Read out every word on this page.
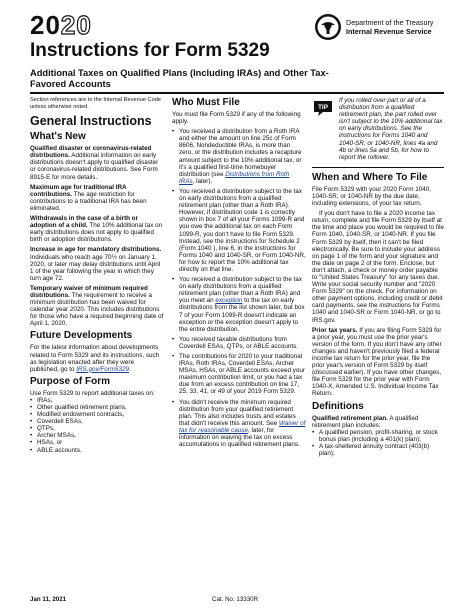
2020	Department of the Treasury
Internal Revenue Service
Instructions for Form 5329
Additional Taxes on Qualified Plans (Including IRAs) and Other Tax-Favored Accounts

Section references are to the Internal Revenue Code unless otherwise noted.

General Instructions
What's New

Qualified disaster or coronavirus-related distributions. Additional information on early distributions doesn't apply to qualified disaster or coronavirus-related distributions. See Form 8915-E for more details.

Maximum age for traditional IRA contributions. The age restriction for contributions to a traditional IRA has been eliminated.

Withdrawals in the case of a birth or adoption of a child. The 10% additional tax on early distributions does not apply to qualified birth or adoption distributions.

Increase in age for mandatory distributions. Individuals who reach age 70½ on January 1, 2020, or later may delay distributions until April 1 of the year following the year in which they turn age 72.

Temporary waiver of minimum required distributions. The requirement to receive a minimum distribution has been waived for calendar year 2020. This includes distributions for those who have a required beginning date of April 1, 2020.

Future Developments

For the latest information about developments related to Form 5329 and its instructions, such as legislation enacted after they were published, go to IRS.gov/Form5329.

Purpose of Form

Use Form 5329 to report additional taxes on:

• IRAs,
• Other qualified retirement plans,
• Modified endowment contracts,
• Coverdell ESAs,
• QTPs,
• Archer MSAs,
• HSAs, or
• ABLE accounts.
Who Must File

You must file Form 5329 if any of the following apply.

• You received a distribution from a Roth IRA and either the amount on line 25c of Form 8606, Nondeductible IRAs, is more than zero, or the distribution includes a recapture amount subject to the 10% additional tax, or it's a qualified first-time homebuyer distribution (see Distributions from Roth IRAs, later).

• You received a distribution subject to the tax on early distributions from a qualified retirement plan (other than a Roth IRA). However, if distribution code 1 is correctly shown in box 7 of all your Forms 1099-R and you owe the additional tax on each Form 1099-R, you don't have to file Form 5329. Instead, see the instructions for Schedule 2 (Form 1040 ), line 6, in the instructions for Forms 1040 and 1040-SR, or Form 1040-NR, for how to report the 10% additional tax directly on that line.

• You received a distribution subject to the tax on early distributions from a qualified retirement plan (other than a Roth IRA) and you meet an exception to the tax on early distributions from the list shown later, but box 7 of your Form 1099-R doesn't indicate an exception or the exception doesn't apply to the entire distribution.

• You received taxable distributions from Coverdell ESAs, QTPs, or ABLE accounts.

• The contributions for 2020 to your traditional IRAs, Roth IRAs, Coverdell ESAs, Archer MSAs, HSAs, or ABLE accounts exceed your maximum contribution limit, or you had a tax due from an excess contribution on line 17, 25, 33, 41, or 49 of your 2019 Form 5329.

• You didn't receive the minimum required distribution from your qualified retirement plan. This also includes trusts and estates that didn't receive this amount. See Waiver of tax for reasonable cause, later, for information on waiving the tax on excess accumulations in qualified retirement plans.

TIP
If you rolled over part or all of a distribution from a qualified retirement plan, the part rolled over isn't subject to the 10% additional tax on early distributions. See the instructions for Forms 1040 and 1040-SR, or 1040-NR, lines 4a and 4b or lines 5a and 5b, for how to report the rollover.
When and Where To File

File Form 5329 with your 2020 Form 1040, 1040-SR, or 1040-NR by the due date, including extensions, of your tax return.

If you don't have to file a 2020 income tax return, complete and file Form 5329 by itself at the time and place you would be required to file Form 1040, 1040-SR, or 1040-NR. If you file Form 5329 by itself, then it can't be filed electronically. Be sure to include your address on page 1 of the form and your signature and the date on page 2 of the form. Enclose, but don't attach, a check or money order payable to "United States Treasury" for any taxes due. Write your social security number and "2020 Form 5329" on the check. For information on other payment options, including credit or debit card payments, see the instructions for Forms 1040 and 1040-SR or Form 1040-NR, or go to IRS.gov.

Prior tax years. If you are filing Form 5329 for a prior year, you must use the prior year's version of the form. If you don't have any other changes and haven't previously filed a federal income tax return for the prior year, file the prior year's version of Form 5329 by itself (discussed earlier). If you have other changes, file Form 5329 for the prior year with Form 1040-X, Amended U.S. Individual Income Tax Return.

Definitions

Qualified retirement plan. A qualified retirement plan includes:

• A qualified pension, profit-sharing, or stock bonus plan (including a 401(k) plan);
• A tax-sheltered annuity contract (403(b) plan);
Jan 11, 2021	Cat. No. 13330R
